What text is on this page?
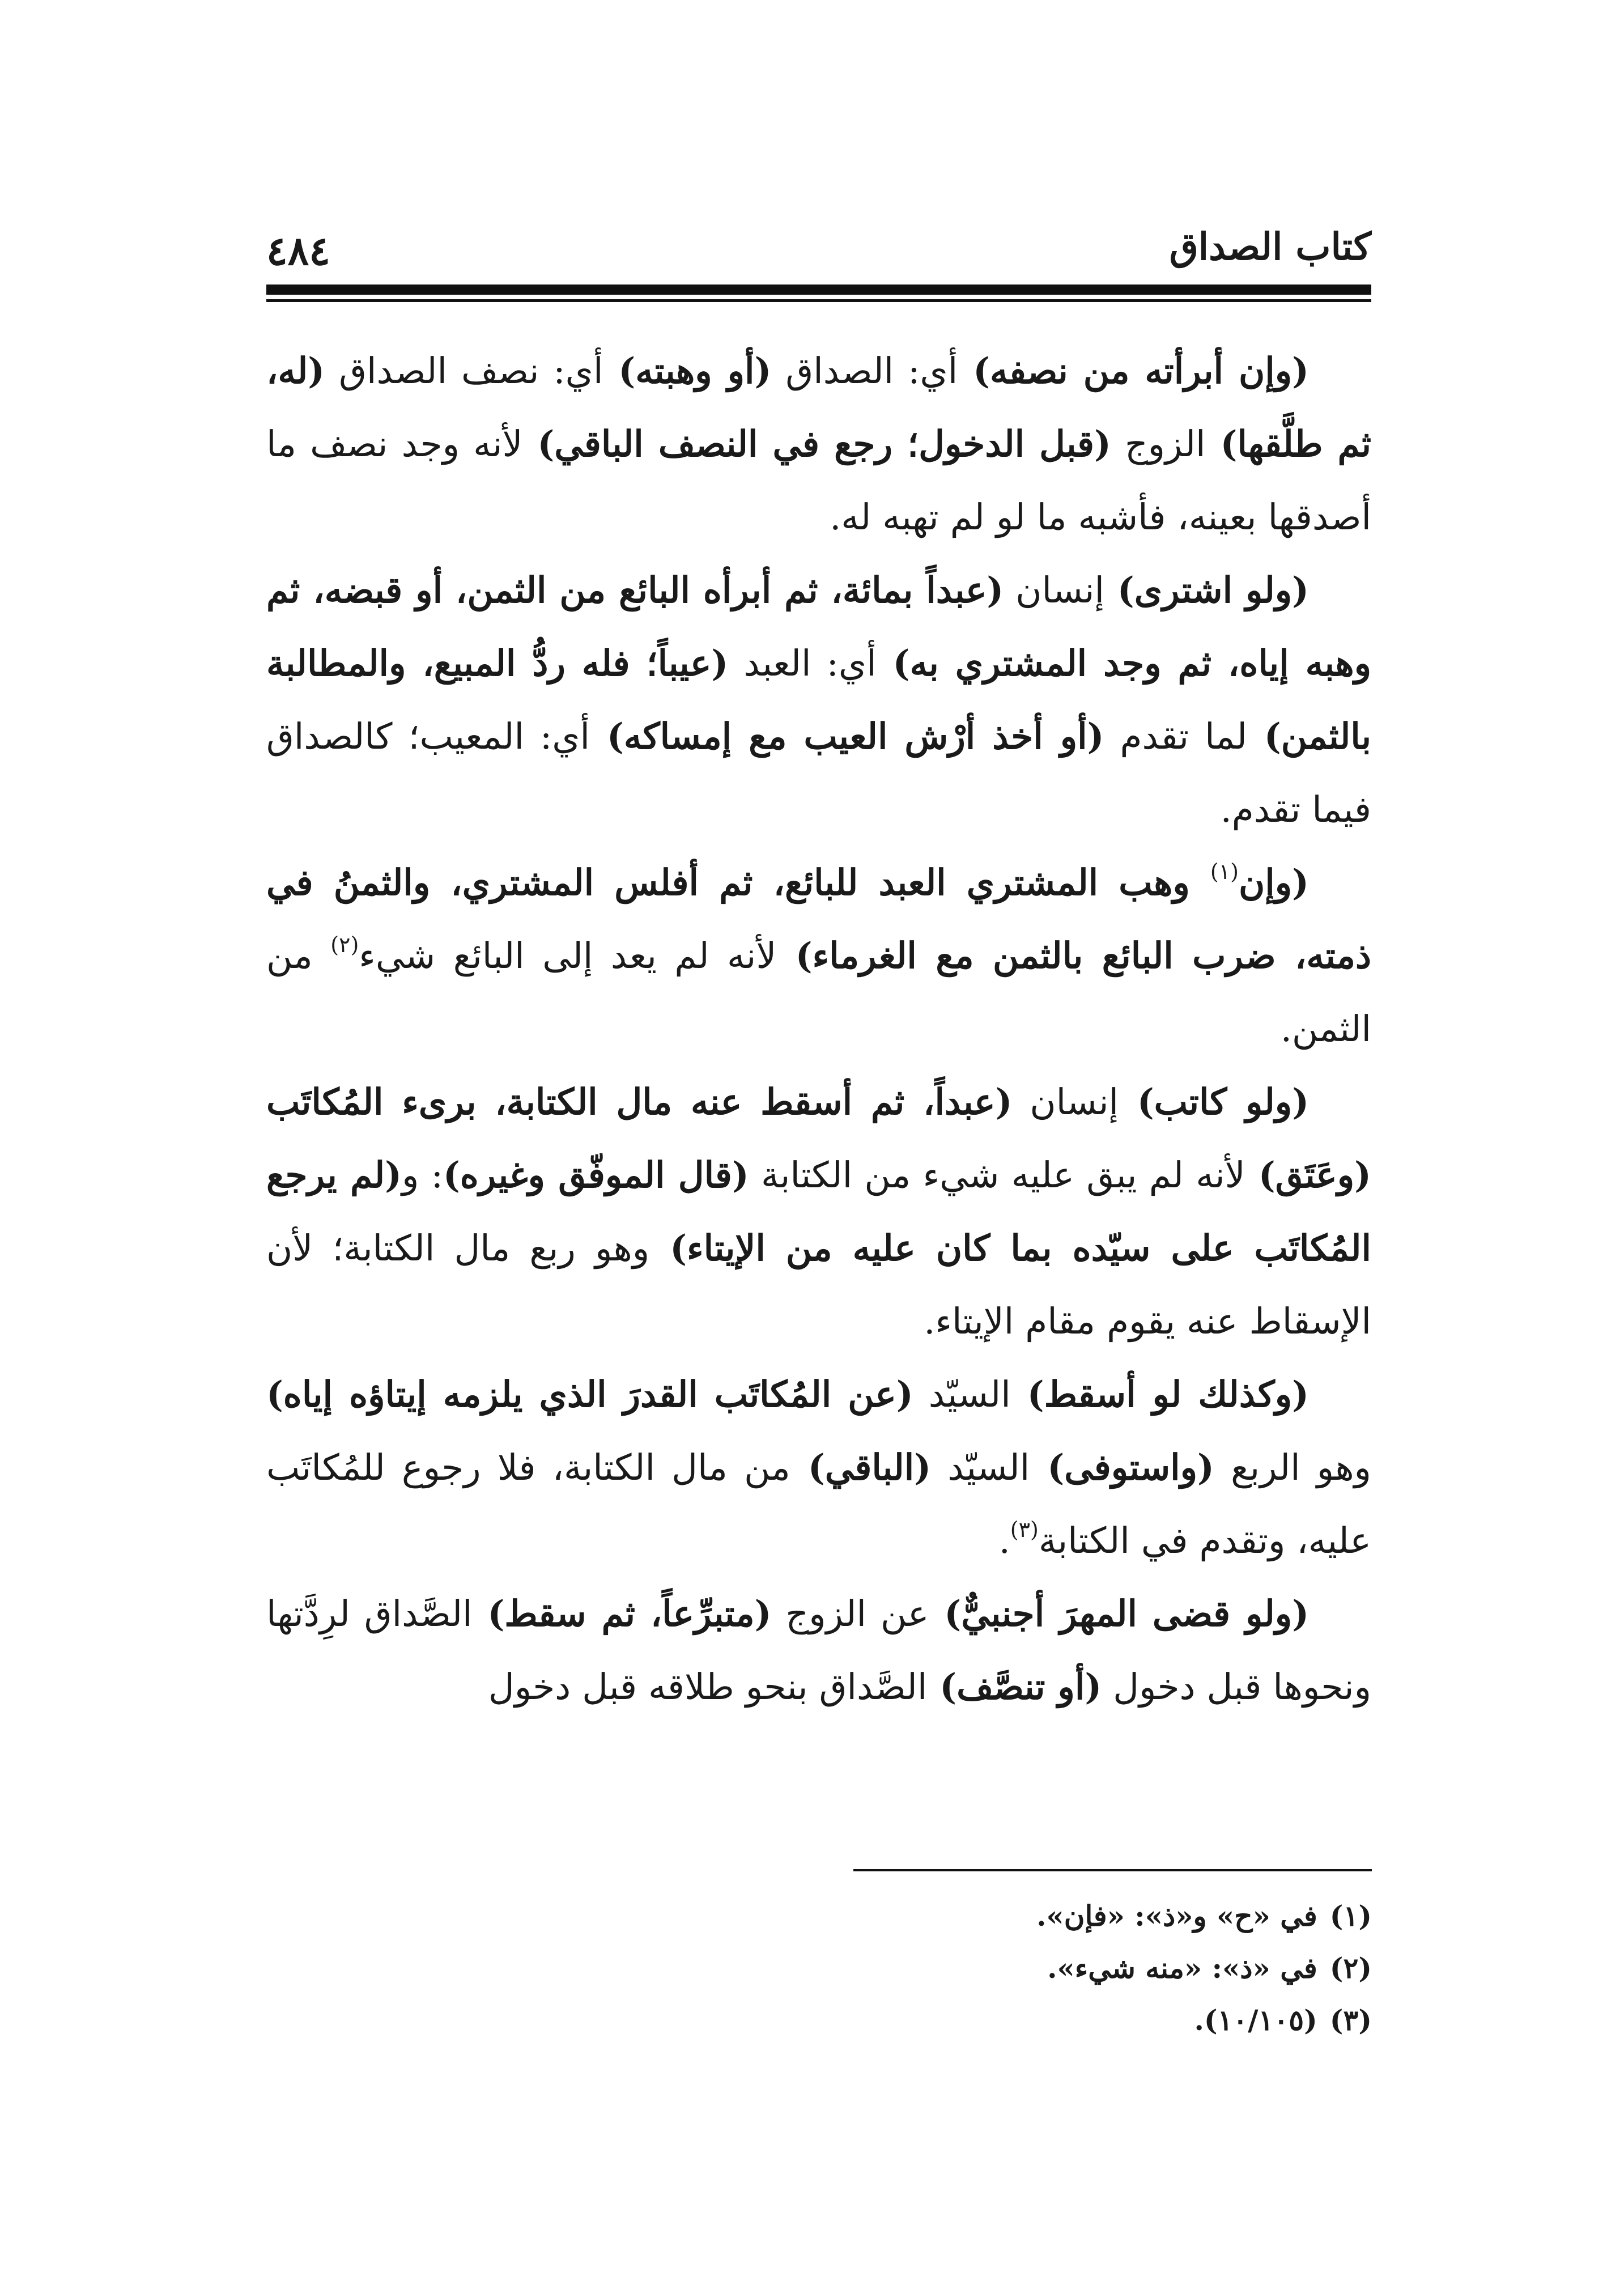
كتاب الصداق
٤٨٤

(وإن أبرأته من نصفه) أي: الصداق (أو وهبته) أي: نصف الصداق (له، ثم طلَّقها) الزوج (قبل الدخول؛ رجع في النصف الباقي) لأنه وجد نصف ما أصدقها بعينه، فأشبه ما لو لم تهبه له.

(ولو اشترى) إنسان (عبداً بمائة، ثم أبرأه البائع من الثمن، أو قبضه، ثم وهبه إياه، ثم وجد المشتري به) أي: العبد (عيباً؛ فله ردُّ المبيع، والمطالبة بالثمن) لما تقدم (أو أخذ أرْش العيب مع إمساكه) أي: المعيب؛ كالصداق فيما تقدم.

(وإن$^{(١)}$ وهب المشتري العبد للبائع، ثم أفلس المشتري، والثمنُ في ذمته، ضرب البائع بالثمن مع الغرماء) لأنه لم يعد إلى البائع شيء$^{(٢)}$ من الثمن.

(ولو كاتب) إنسان (عبداً، ثم أسقط عنه مال الكتابة، برىء المُكاتَب (وعَتَق) لأنه لم يبق عليه شيء من الكتابة (قال الموفّق وغيره): و(لم يرجع المُكاتَب على سيّده بما كان عليه من الإيتاء) وهو ربع مال الكتابة؛ لأن الإسقاط عنه يقوم مقام الإيتاء.

(وكذلك لو أسقط) السيّد (عن المُكاتَب القدرَ الذي يلزمه إيتاؤه إياه) وهو الربع (واستوفى) السيّد (الباقي) من مال الكتابة، فلا رجوع للمُكاتَب عليه، وتقدم في الكتابة$^{(٣)}$.

(ولو قضى المهرَ أجنبيٌّ) عن الزوج (متبرِّعاً، ثم سقط) الصَّداق لرِدَّتها ونحوها قبل دخول (أو تنصَّف) الصَّداق بنحو طلاقه قبل دخول

(١)في «ح» و«ذ»: «فإن».
(٢)في «ذ»: «منه شيء».
(٣)(١٠/١٠٥).
